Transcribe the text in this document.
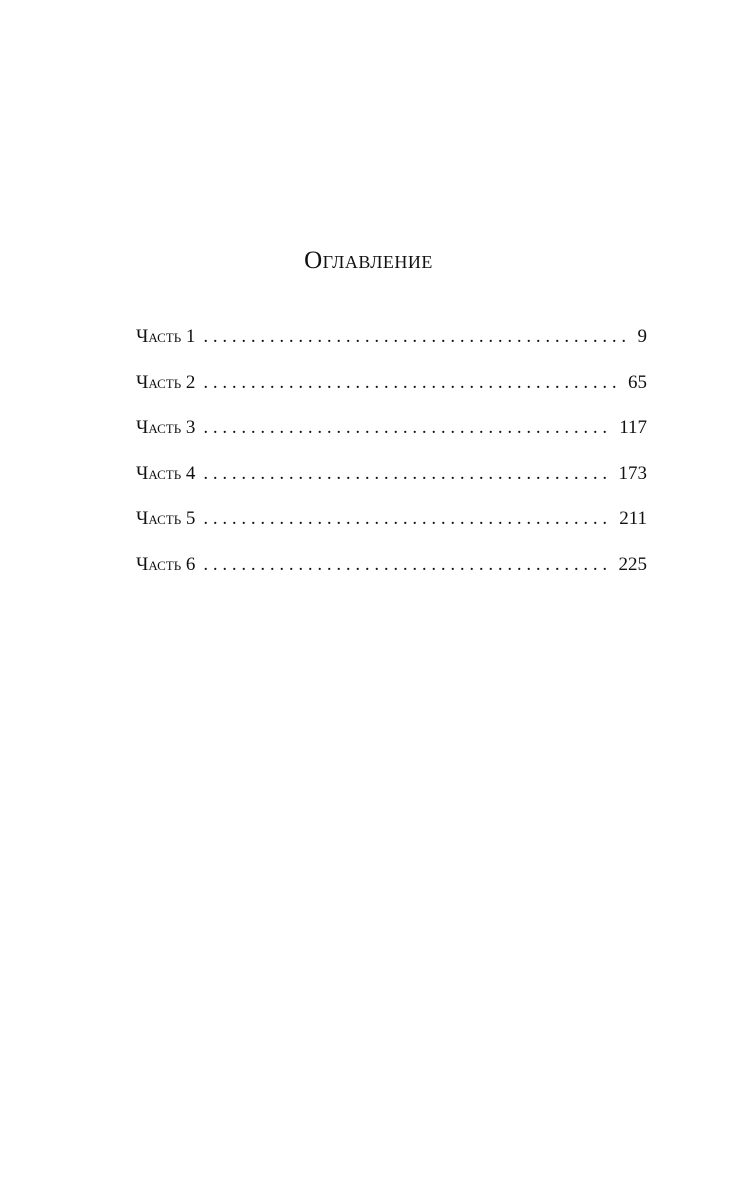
Оглавление
Часть 1 . . .	9
Часть 2 . . .	65
Часть 3 . . .	117
Часть 4 . . .	173
Часть 5 . . .	211
Часть 6 . . .	225
